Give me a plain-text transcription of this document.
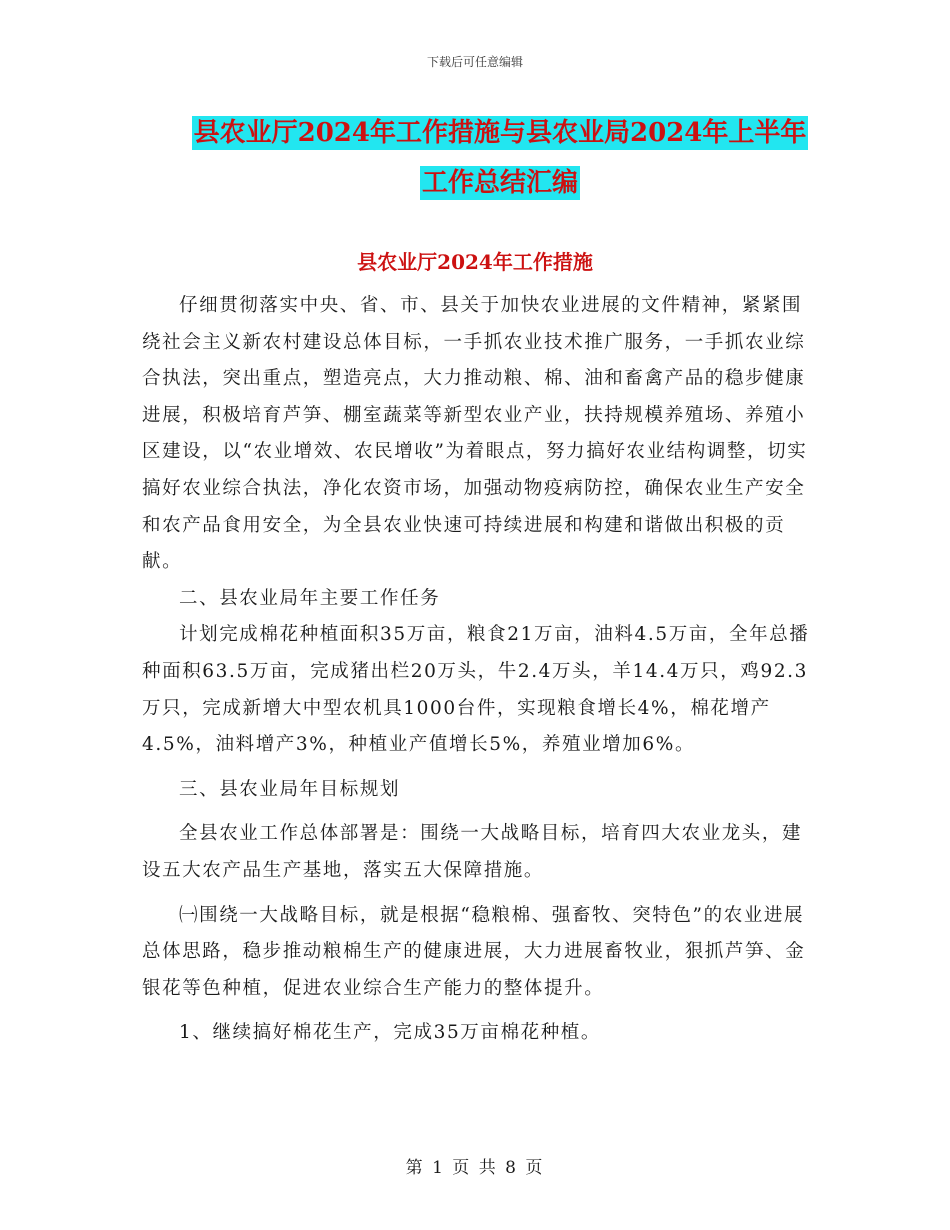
下载后可任意编辑
县农业厅2024年工作措施与县农业局2024年上半年
工作总结汇编
县农业厅2024年工作措施

仔细贯彻落实中央、省、市、县关于加快农业进展的文件精神，紧紧围绕社会主义新农村建设总体目标，一手抓农业技术推广服务，一手抓农业综合执法，突出重点，塑造亮点，大力推动粮、棉、油和畜禽产品的稳步健康进展，积极培育芦笋、棚室蔬菜等新型农业产业，扶持规模养殖场、养殖小区建设，以“农业增效、农民增收”为着眼点，努力搞好农业结构调整，切实搞好农业综合执法，净化农资市场，加强动物疫病防控，确保农业生产安全和农产品食用安全，为全县农业快速可持续进展和构建和谐做出积极的贡献。

二、县农业局年主要工作任务

计划完成棉花种植面积35万亩，粮食21万亩，油料4.5万亩，全年总播种面积63.5万亩，完成猪出栏20万头，牛2.4万头，羊14.4万只，鸡92.3万只，完成新增大中型农机具1000台件，实现粮食增长4%，棉花增产4.5%，油料增产3%，种植业产值增长5%，养殖业增加6%。

三、县农业局年目标规划

全县农业工作总体部署是：围绕一大战略目标，培育四大农业龙头，建设五大农产品生产基地，落实五大保障措施。

㈠围绕一大战略目标，就是根据“稳粮棉、强畜牧、突特色”的农业进展总体思路，稳步推动粮棉生产的健康进展，大力进展畜牧业，狠抓芦笋、金银花等色种植，促进农业综合生产能力的整体提升。

1、继续搞好棉花生产，完成35万亩棉花种植。

第 1 页 共 8 页
